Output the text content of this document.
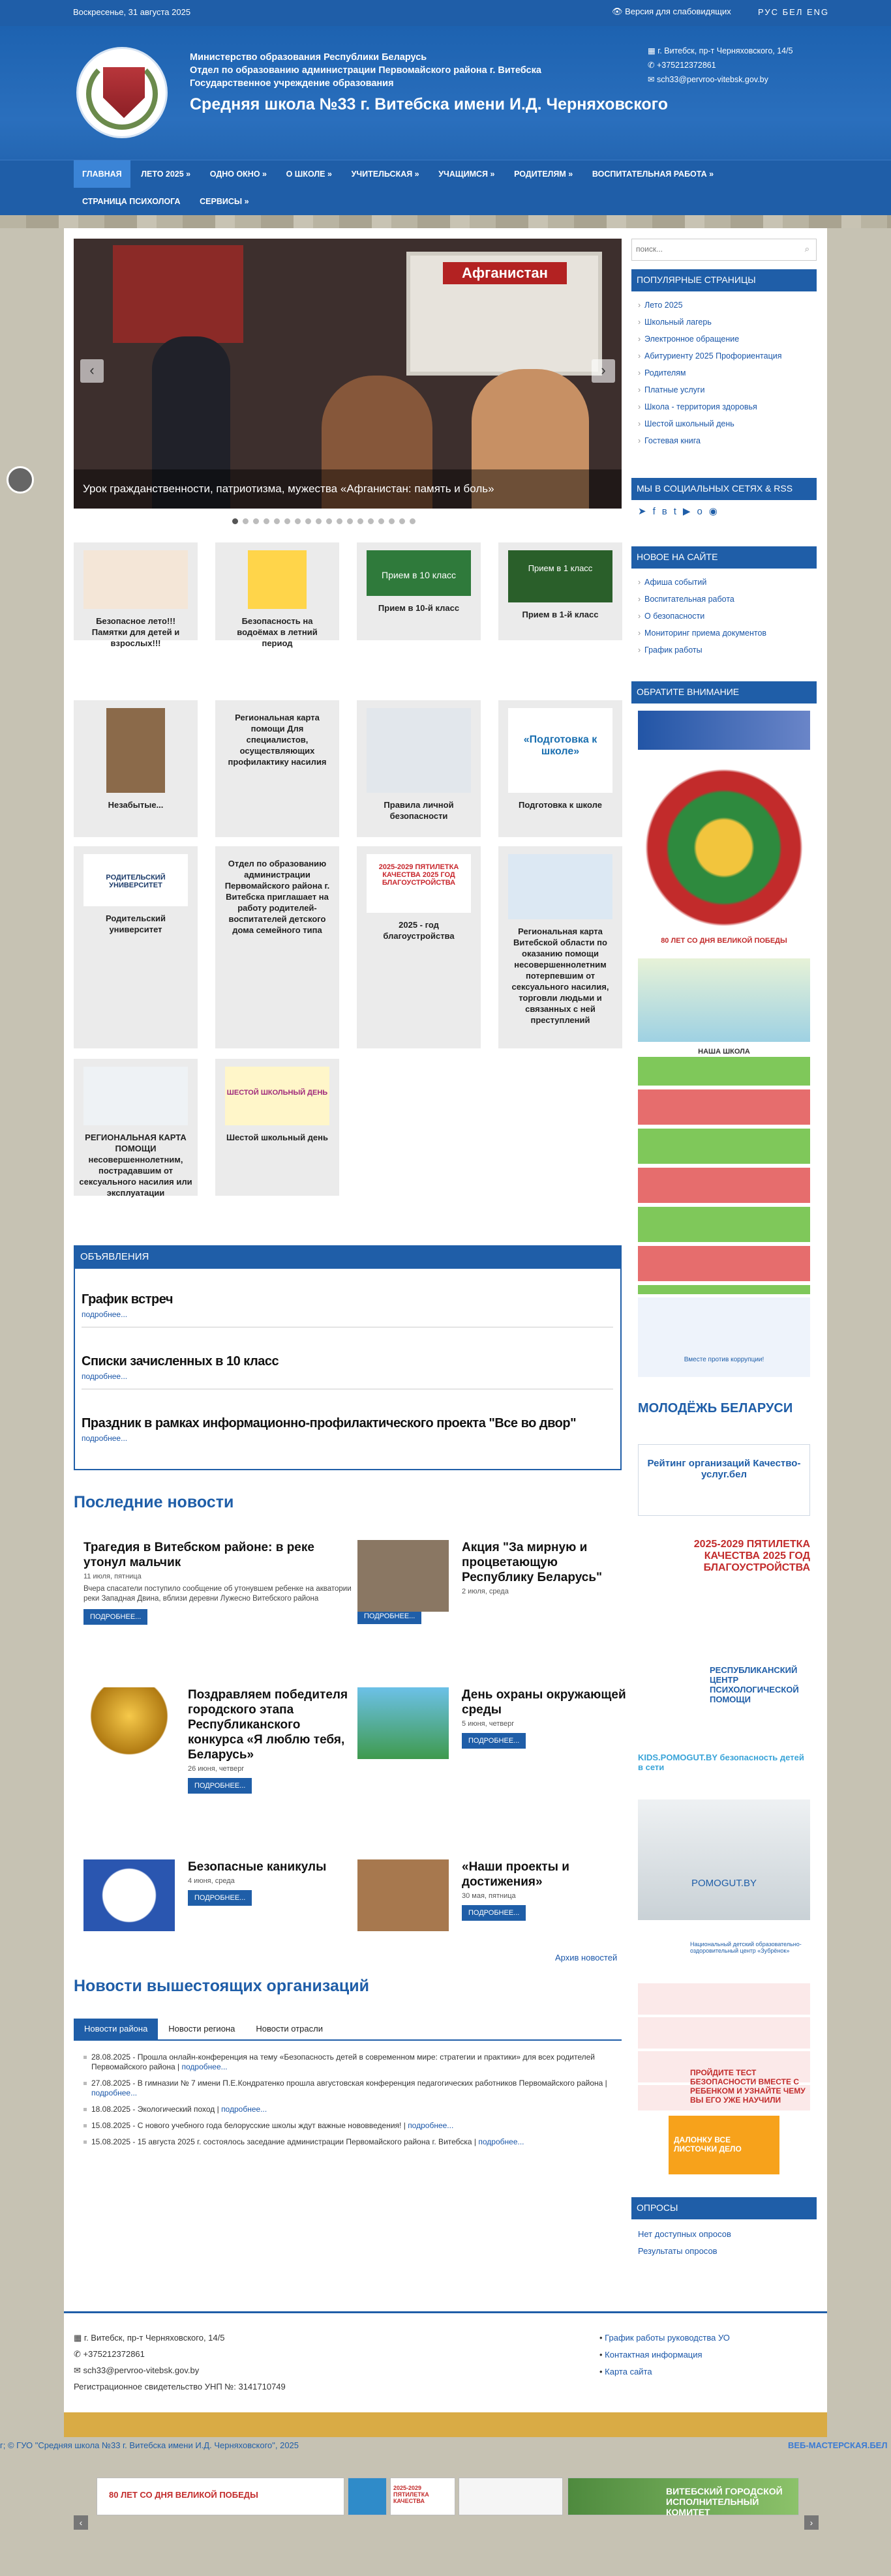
Воскресенье, 31 августа 2025	👁 Версия для слабовидящих	РУС БЕЛ ENG
Министерство образования Республики Беларусь
Отдел по образованию администрации Первомайского района г. Витебска
Государственное учреждение образования
Средняя школа №33 г. Витебска имени И.Д. Черняховского
▦ г. Витебск, пр-т Черняховского, 14/5
✆ +375212372861
✉ sch33@pervroo-vitebsk.gov.by
ГЛАВНАЯ ЛЕТО 2025 » ОДНО ОКНО » О ШКОЛЕ » УЧИТЕЛЬСКАЯ » УЧАЩИМСЯ » РОДИТЕЛЯМ » ВОСПИТАТЕЛЬНАЯ РАБОТА » СТРАНИЦА ПСИХОЛОГА СЕРВИСЫ »
Афганистан
‹	›
Урок гражданственности, патриотизма, мужества «Афганистан: память и боль»
Безопасное лето!!! Памятки для детей и взрослых!!!
Безопасность на водоёмах в летний период
Прием в 10 класс
Прием в 10-й класс
Прием в 1 класс
Прием в 1-й класс
Незабытые...
Региональная карта помощи Для специалистов, осуществляющих профилактику насилия
Правила личной безопасности
«Подготовка к школе»
Подготовка к школе
РОДИТЕЛЬСКИЙ УНИВЕРСИТЕТ
Родительский университет
Отдел по образованию администрации Первомайского района г. Витебска приглашает на работу родителей-воспитателей детского дома семейного типа
2025-2029 ПЯТИЛЕТКА КАЧЕСТВА 2025 ГОД БЛАГОУСТРОЙСТВА
2025 - год благоустройства	Региональная карта Витебской области по оказанию помощи несовершеннолетним потерпевшим от сексуального насилия, торговли людьми и связанных с ней преступлений
РЕГИОНАЛЬНАЯ КАРТА ПОМОЩИ несовершеннолетним, пострадавшим от сексуального насилия или эксплуатации
ШЕСТОЙ ШКОЛЬНЫЙ ДЕНЬ
Шестой школьный день
ОБЪЯВЛЕНИЯ
График встреч
подробнее...
Списки зачисленных в 10 класс
подробнее...
Праздник в рамках информационно-профилактического проекта "Все во двор"
подробнее...
Последние новости
Трагедия в Витебском районе: в реке утонул мальчик
11 июля, пятница
Вчера спасатели поступило сообщение об утонувшем ребенке на акватории реки Западная Двина, вблизи деревни Лужесно Витебского района
ПОДРОБНЕЕ...
Акция "За мирную и процветающую Республику Беларусь"
2 июля, среда
ПОДРОБНЕЕ...
Поздравляем победителя городского этапа Республиканского конкурса «Я люблю тебя, Беларусь»
26 июня, четверг
ПОДРОБНЕЕ...
День охраны окружающей среды
5 июня, четверг
ПОДРОБНЕЕ...
Безопасные каникулы
4 июня, среда
ПОДРОБНЕЕ...
«Наши проекты и достижения»
30 мая, пятница
ПОДРОБНЕЕ...
Архив новостей
Новости вышестоящих организаций
Новости района Новости региона Новости отрасли
28.08.2025 - Прошла онлайн-конференция на тему «Безопасность детей в современном мире: стратегии и практики» для всех родителей Первомайского района | подробнее...
27.08.2025 - В гимназии № 7 имени П.Е.Кондратенко прошла августовская конференция педагогических работников Первомайского района | подробнее...
18.08.2025 - Экологический поход | подробнее...
15.08.2025 - С нового учебного года белорусские школы ждут важные нововведения! | подробнее...
15.08.2025 - 15 августа 2025 г. состоялось заседание администрации Первомайского района г. Витебска | подробнее...
поиск...
⌕
ПОПУЛЯРНЫЕ СТРАНИЦЫ
› Лето 2025
› Школьный лагерь
› Электронное обращение
› Абитуриенту 2025 Профориентация
› Родителям
› Платные услуги
› Школа - территория здоровья
› Шестой школьный день
› Гостевая книга
МЫ В СОЦИАЛЬНЫХ СЕТЯХ & RSS
➤fвt▶о◉
НОВОЕ НА САЙТЕ
› Афиша событий
› Воспитательная работа
› О безопасности
› Мониторинг приема документов
› График работы
ОБРАТИТЕ ВНИМАНИЕ
80 ЛЕТ СО ДНЯ ВЕЛИКОЙ ПОБЕДЫ
НАША ШКОЛА
Вместе против коррупции!
МОЛОДЁЖЬ БЕЛАРУСИ
Рейтинг организаций Качество-услуг.бел
2025-2029 ПЯТИЛЕТКА КАЧЕСТВА 2025 ГОД БЛАГОУСТРОЙСТВА
РЕСПУБЛИКАНСКИЙ ЦЕНТР ПСИХОЛОГИЧЕСКОЙ ПОМОЩИ
KIDS.POMOGUT.BY безопасность детей в сети
POMOGUT.BY
Национальный детский образовательно-оздоровительный центр «Зубрёнок»
ПРОЙДИТЕ ТЕСТ БЕЗОПАСНОСТИ ВМЕСТЕ С РЕБЕНКОМ И УЗНАЙТЕ ЧЕМУ ВЫ ЕГО УЖЕ НАУЧИЛИ
ДАЛОНКУ ВСЕ ЛИСТОЧКИ ДЕЛО
ОПРОСЫ
Нет доступных опросов
Результаты опросов
▦ г. Витебск, пр-т Черняховского, 14/5
✆ +375212372861
✉ sch33@pervroo-vitebsk.gov.by
Регистрационное свидетельство УНП №: 3141710749
• График работы руководства УО
• Контактная информация
• Карта сайта
г; © ГУО "Средняя школа №33 г. Витебска имени И.Д. Черняховского", 2025	ВЕБ-МАСТЕРСКАЯ.БЕЛ
80 ЛЕТ СО ДНЯ ВЕЛИКОЙ ПОБЕДЫ
2025-2029 ПЯТИЛЕТКА КАЧЕСТВА
ВИТЕБСКИЙ ГОРОДСКОЙ ИСПОЛНИТЕЛЬНЫЙ КОМИТЕТ
‹	›
